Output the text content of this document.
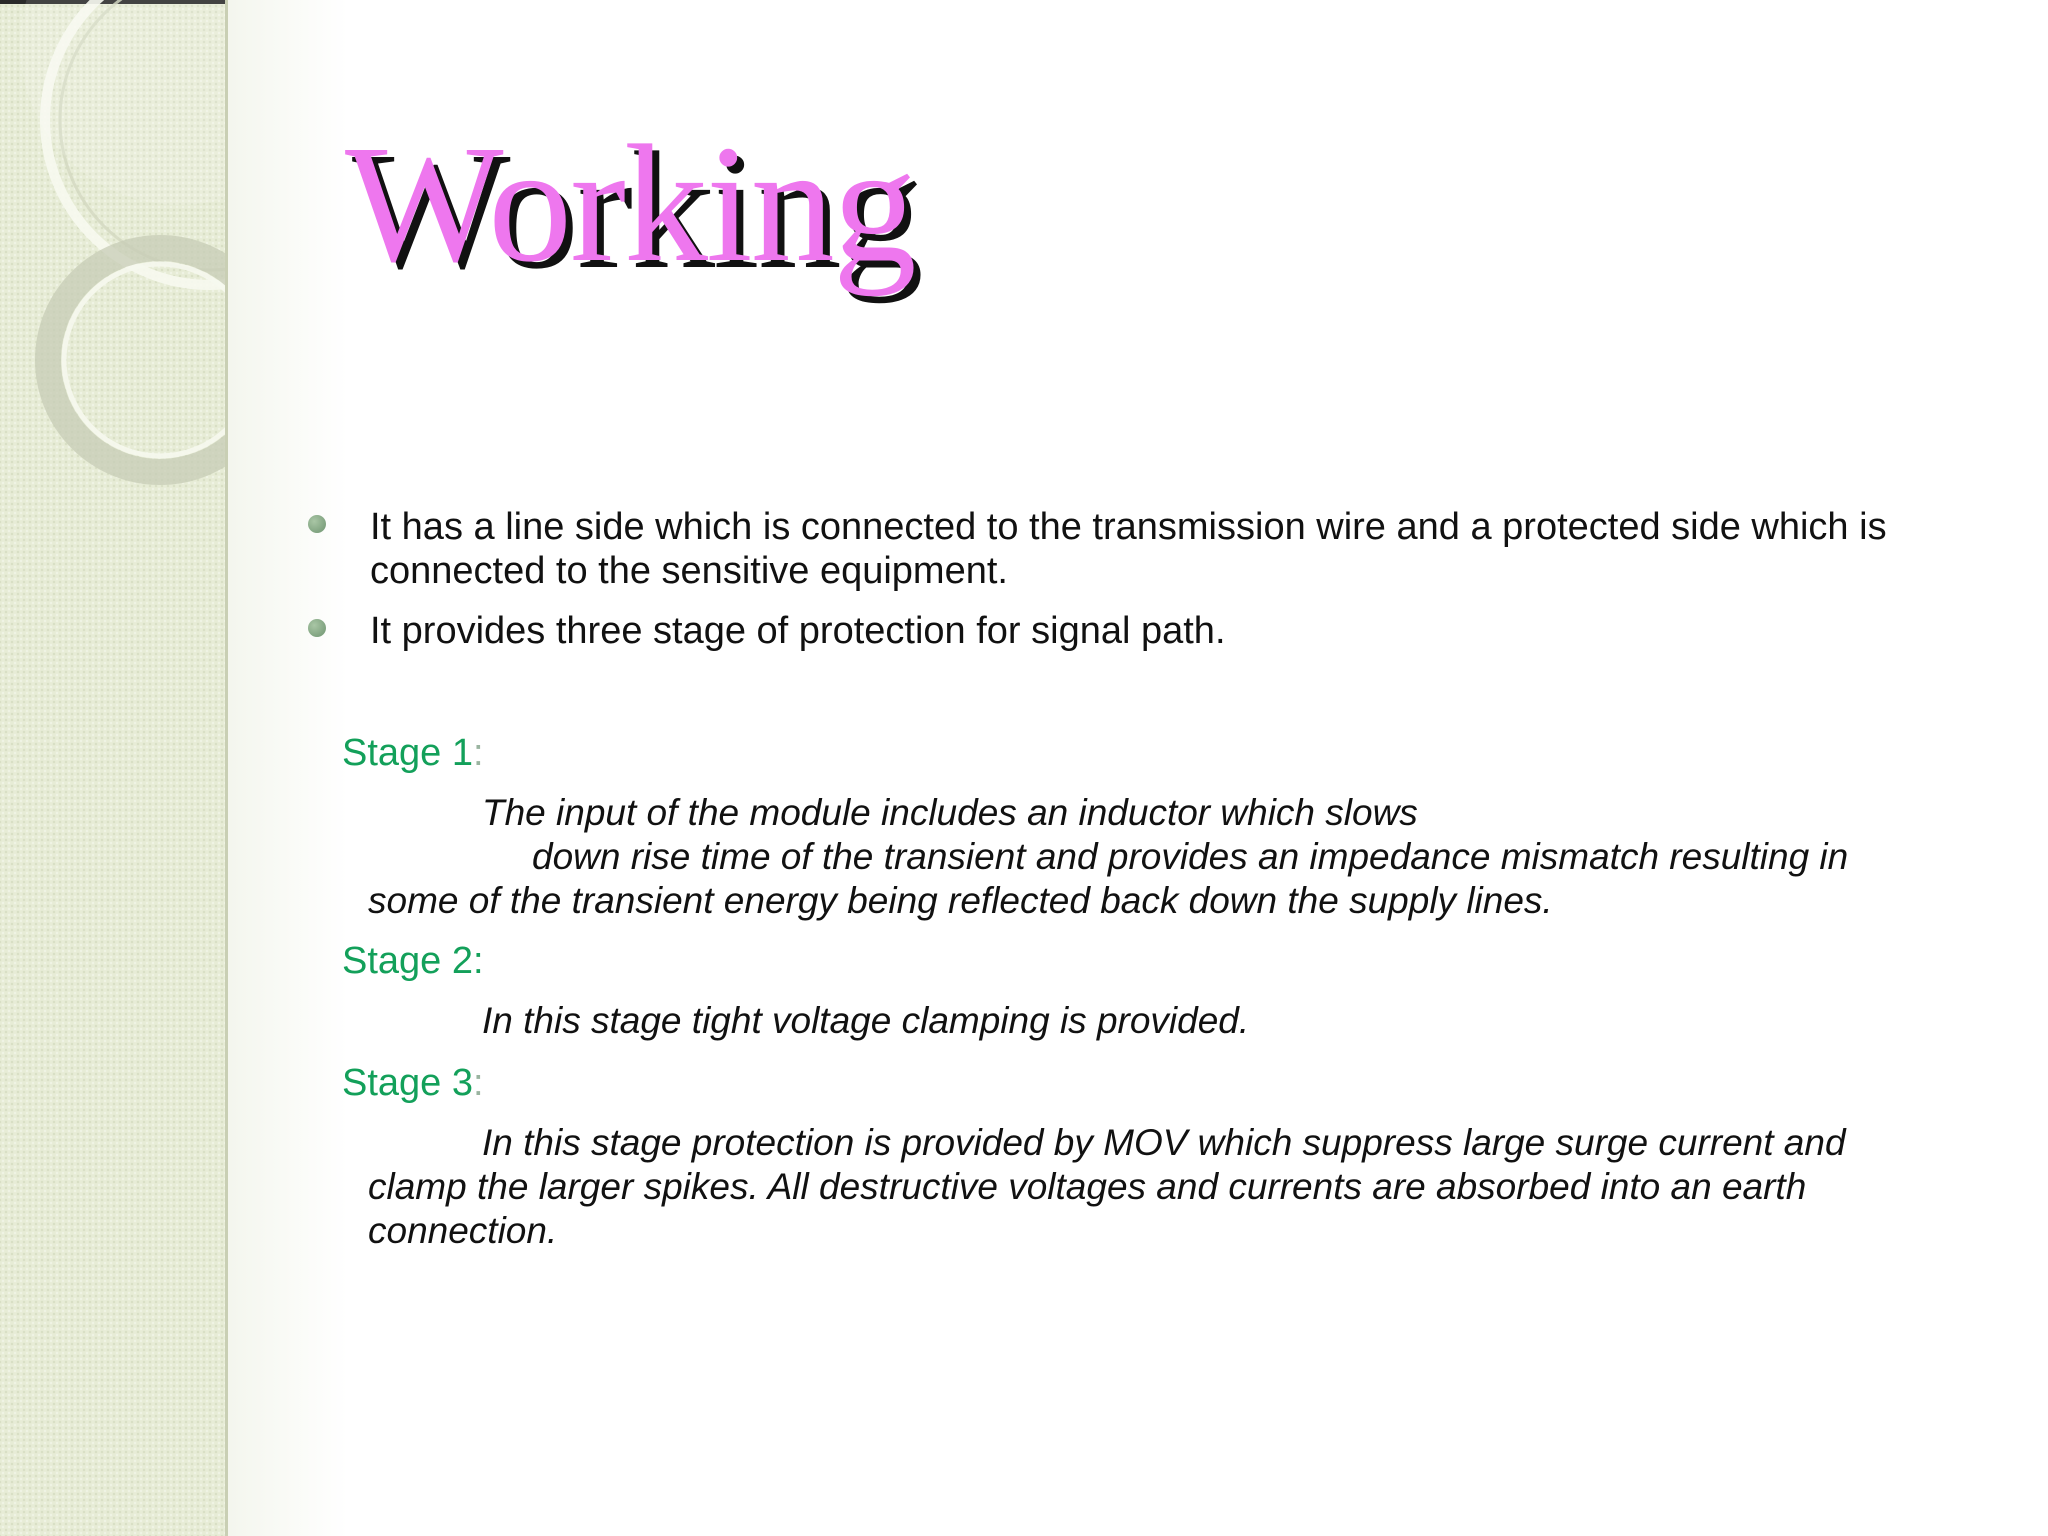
Working
It has a line side which is connected to the transmission wire and a protected side which is connected to the sensitive equipment.
It provides three stage of protection for signal path.
Stage 1:
The input of the module includes an inductor which slows
down rise time of the transient and provides an impedance mismatch resulting in
some of the transient energy being reflected back down the supply lines.
Stage 2:
In this stage tight voltage clamping is provided.
Stage 3:
In this stage protection is provided by MOV which suppress large surge current and
clamp the larger spikes. All destructive voltages and currents are absorbed into an earth
connection.
